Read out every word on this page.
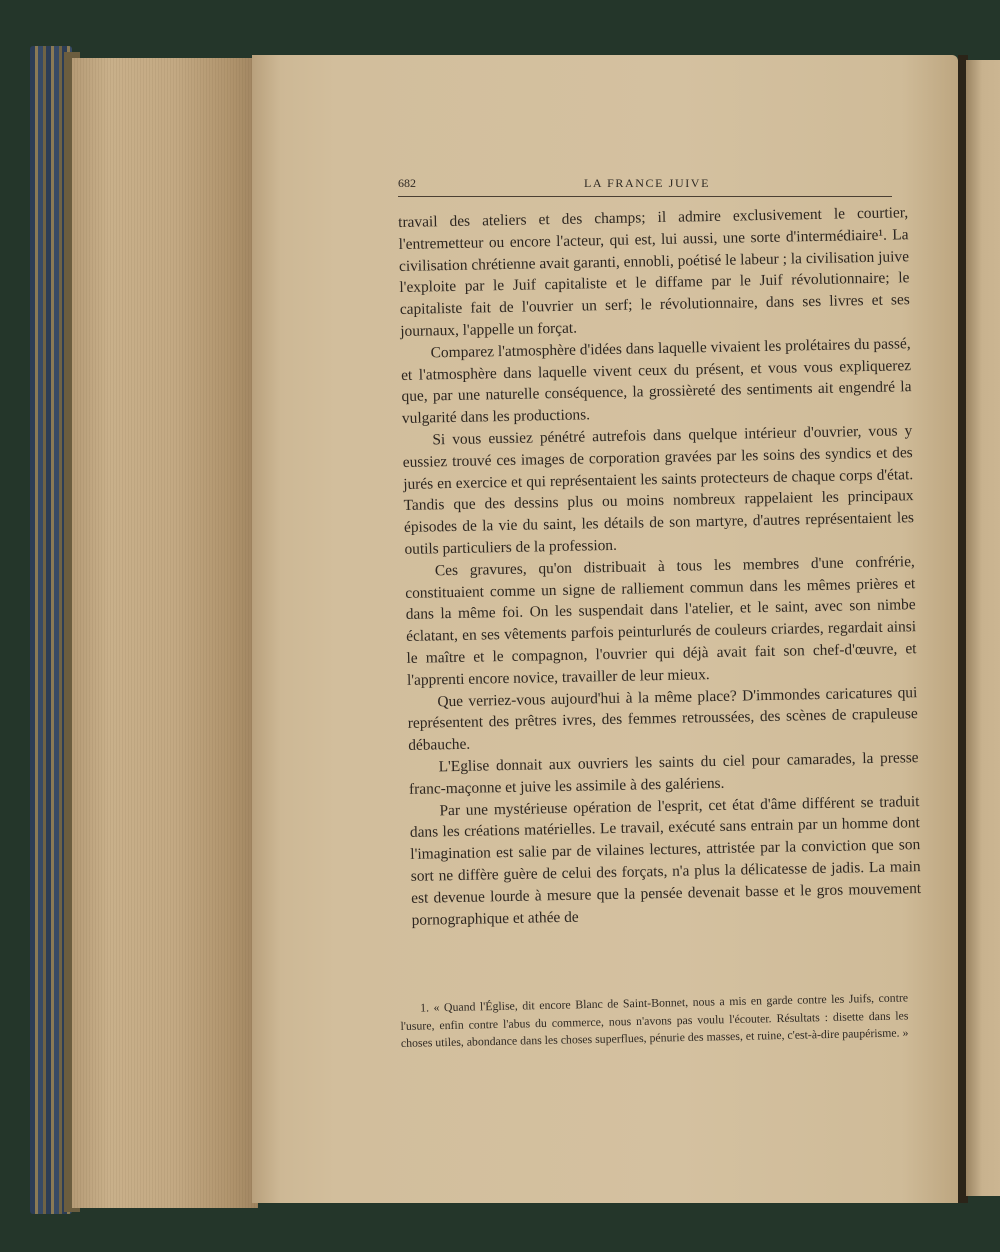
682	LA FRANCE JUIVE

travail des ateliers et des champs; il admire exclusivement le courtier, l'entremetteur ou encore l'acteur, qui est, lui aussi, une sorte d'intermédiaire¹. La civilisation chrétienne avait garanti, ennobli, poétisé le labeur ; la civilisation juive l'exploite par le Juif capitaliste et le diffame par le Juif révolutionnaire; le capitaliste fait de l'ouvrier un serf; le révolutionnaire, dans ses livres et ses journaux, l'appelle un forçat.

Comparez l'atmosphère d'idées dans laquelle vivaient les prolétaires du passé, et l'atmosphère dans laquelle vivent ceux du présent, et vous vous expliquerez que, par une naturelle conséquence, la grossièreté des sentiments ait engendré la vulgarité dans les productions.

Si vous eussiez pénétré autrefois dans quelque intérieur d'ouvrier, vous y eussiez trouvé ces images de corporation gravées par les soins des syndics et des jurés en exercice et qui représentaient les saints protecteurs de chaque corps d'état. Tandis que des dessins plus ou moins nombreux rappelaient les principaux épisodes de la vie du saint, les détails de son martyre, d'autres représentaient les outils particuliers de la profession.

Ces gravures, qu'on distribuait à tous les membres d'une confrérie, constituaient comme un signe de ralliement commun dans les mêmes prières et dans la même foi. On les suspendait dans l'atelier, et le saint, avec son nimbe éclatant, en ses vêtements parfois peinturlurés de couleurs criardes, regardait ainsi le maître et le compagnon, l'ouvrier qui déjà avait fait son chef-d'œuvre, et l'apprenti encore novice, travailler de leur mieux.

Que verriez-vous aujourd'hui à la même place? D'immondes caricatures qui représentent des prêtres ivres, des femmes retroussées, des scènes de crapuleuse débauche.

L'Eglise donnait aux ouvriers les saints du ciel pour camarades, la presse franc-maçonne et juive les assimile à des galériens.

Par une mystérieuse opération de l'esprit, cet état d'âme différent se traduit dans les créations matérielles. Le travail, exécuté sans entrain par un homme dont l'imagination est salie par de vilaines lectures, attristée par la conviction que son sort ne diffère guère de celui des forçats, n'a plus la délicatesse de jadis. La main est devenue lourde à mesure que la pensée devenait basse et le gros mouvement pornographique et athée de

1. « Quand l'Église, dit encore Blanc de Saint-Bonnet, nous a mis en garde contre les Juifs, contre l'usure, enfin contre l'abus du commerce, nous n'avons pas voulu l'écouter. Résultats : disette dans les choses utiles, abondance dans les choses superflues, pénurie des masses, et ruine, c'est-à-dire paupérisme. »
